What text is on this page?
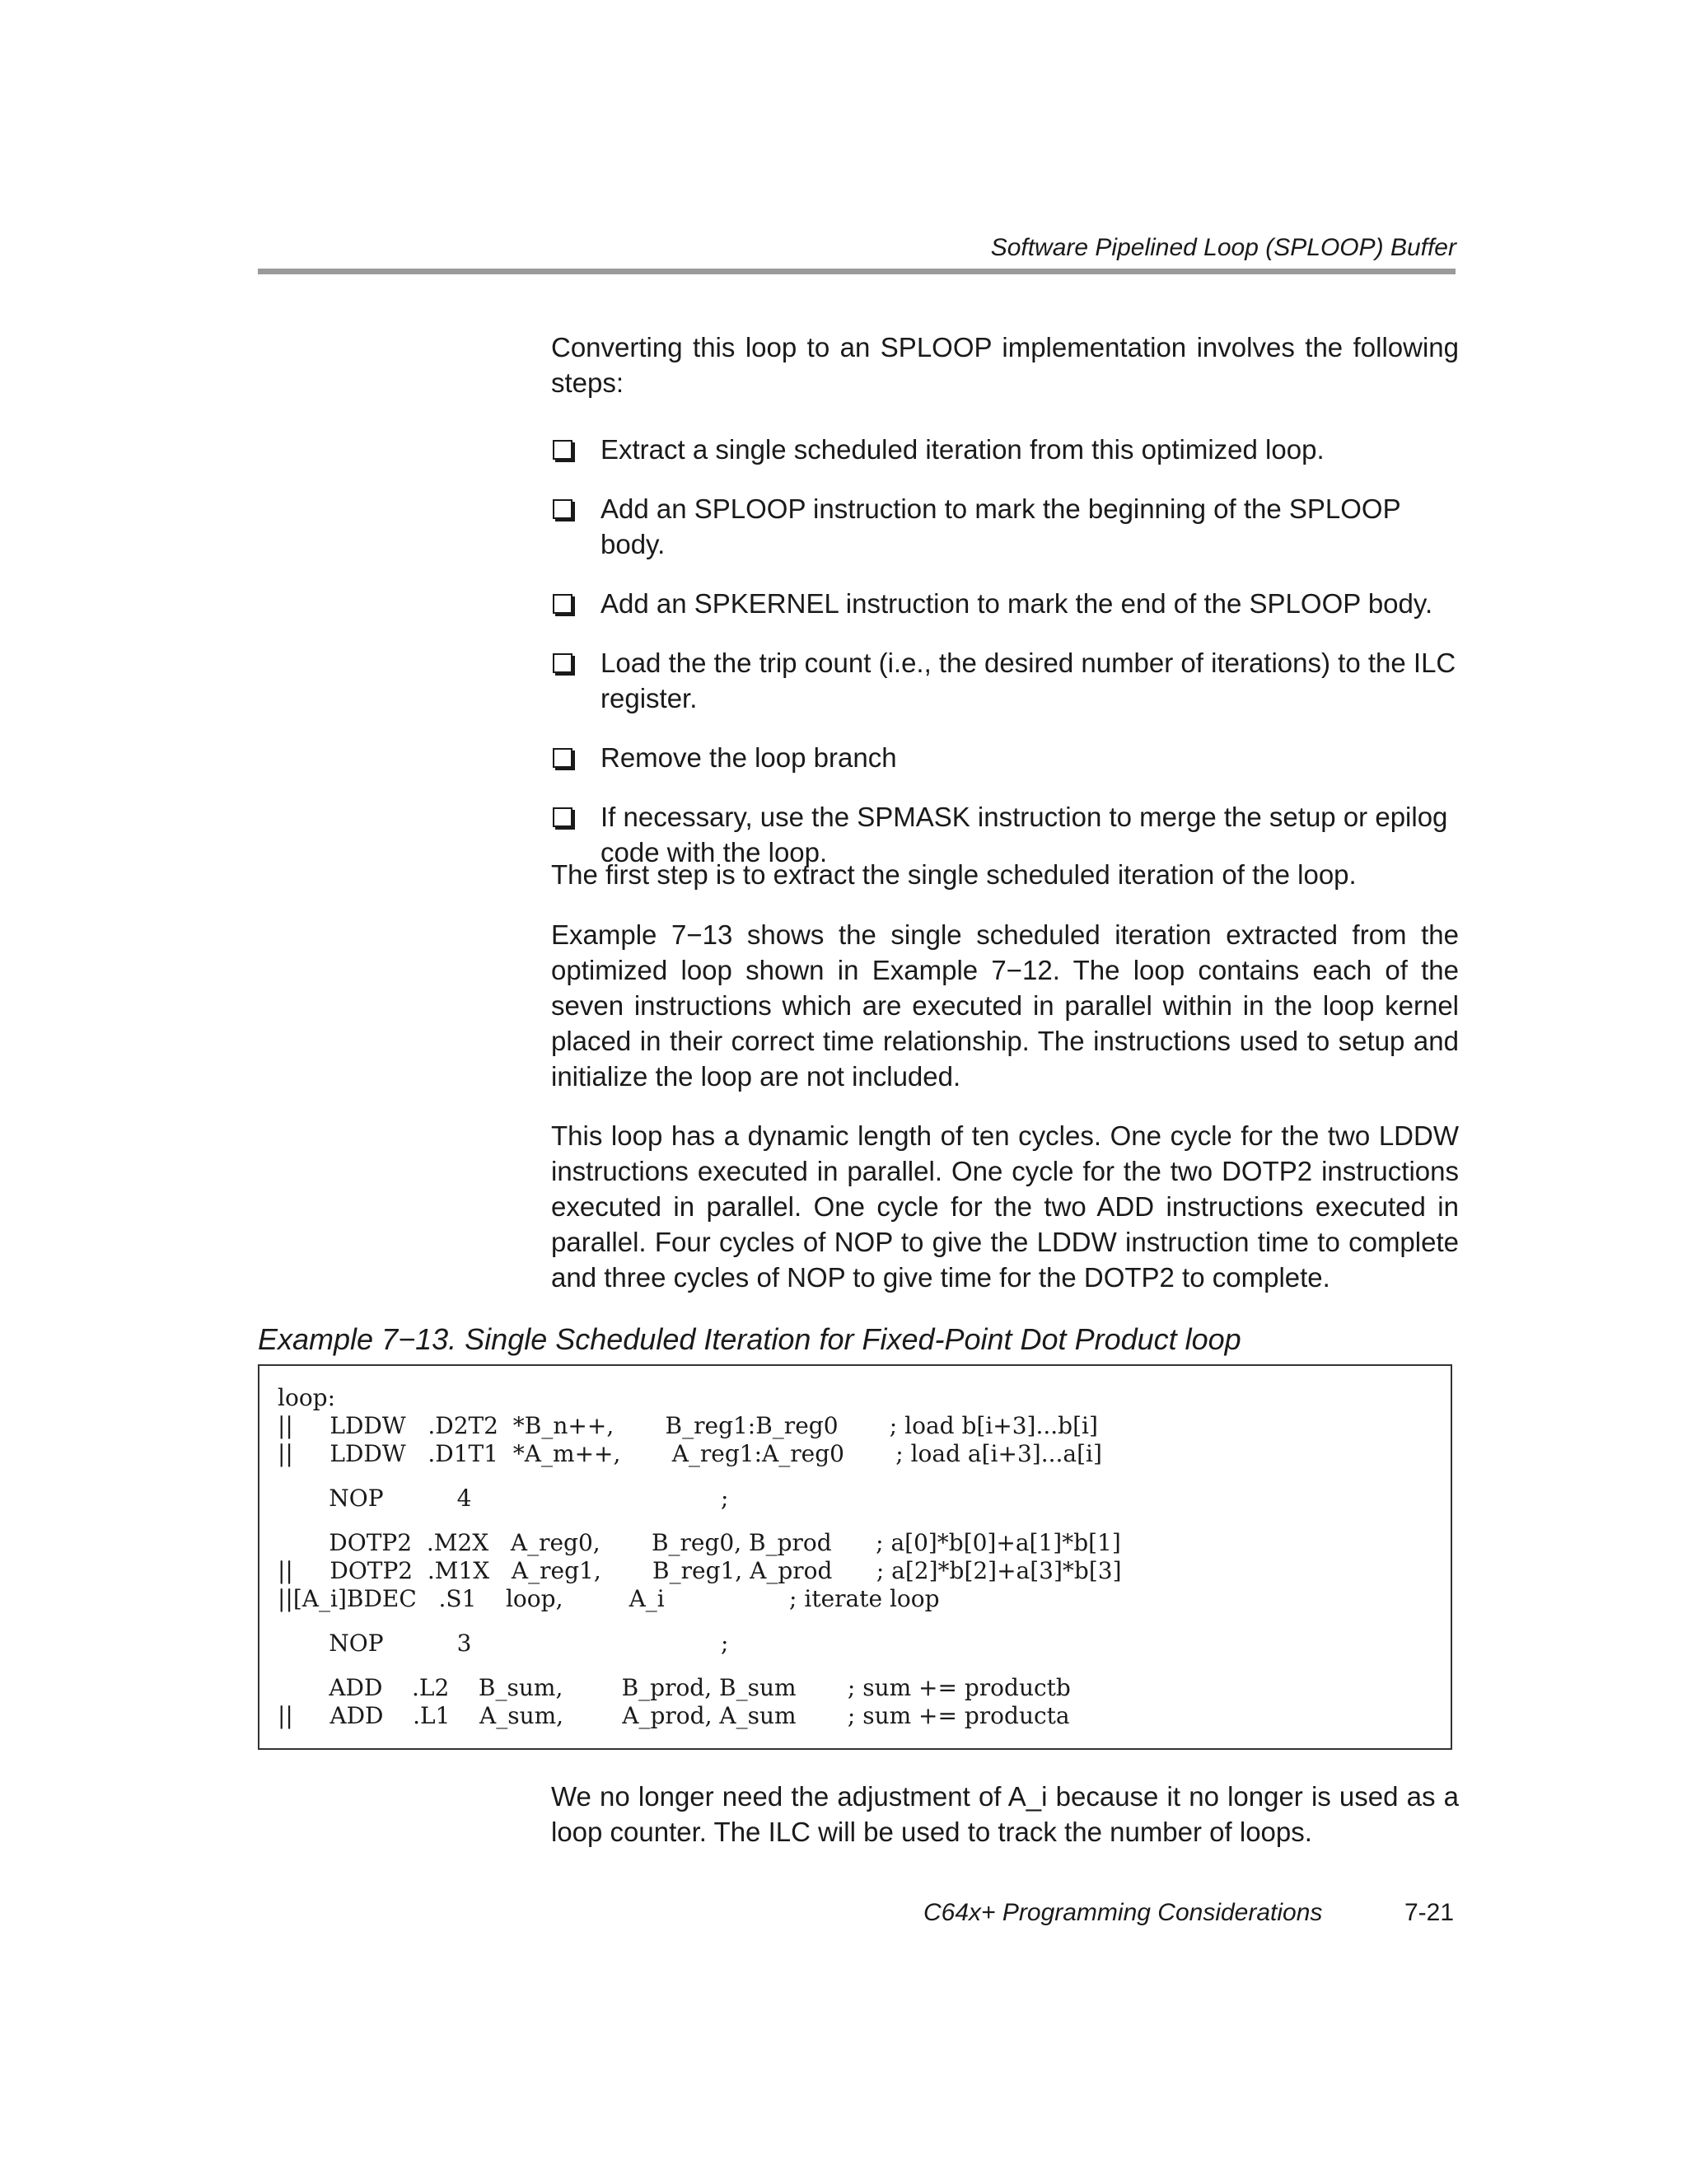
Software Pipelined Loop (SPLOOP) Buffer

Converting this loop to an SPLOOP implementation involves the following steps:

Extract a single scheduled iteration from this optimized loop.
Add an SPLOOP instruction to mark the beginning of the SPLOOP body.
Add an SPKERNEL instruction to mark the end of the SPLOOP body.
Load the the trip count (i.e., the desired number of iterations) to the ILC register.
Remove the loop branch
If necessary, use the SPMASK instruction to merge the setup or epilog code with the loop.

The first step is to extract the single scheduled iteration of the loop.

Example 7−13 shows the single scheduled iteration extracted from the optimized loop shown in Example 7−12. The loop contains each of the seven instructions which are executed in parallel within in the loop kernel placed in their correct time relationship. The instructions used to setup and initialize the loop are not included.

This loop has a dynamic length of ten cycles. One cycle for the two LDDW instructions executed in parallel. One cycle for the two DOTP2 instructions executed in parallel. One cycle for the two ADD instructions executed in parallel. Four cycles of NOP to give the LDDW instruction time to complete and three cycles of NOP to give time for the DOTP2 to complete.

Example 7−13. Single Scheduled Iteration for Fixed-Point Dot Product loop
loop:
||     LDDW   .D2T2  *B_n++,       B_reg1:B_reg0       ; load b[i+3]...b[i]
||     LDDW   .D1T1  *A_m++,       A_reg1:A_reg0       ; load a[i+3]...a[i]
NOP          4                                  ;
DOTP2  .M2X   A_reg0,       B_reg0, B_prod      ; a[0]*b[0]+a[1]*b[1]
||     DOTP2  .M1X   A_reg1,       B_reg1, A_prod      ; a[2]*b[2]+a[3]*b[3]
||[A_i]BDEC   .S1    loop,         A_i                 ; iterate loop
NOP          3                                  ;
ADD    .L2    B_sum,        B_prod, B_sum       ; sum += productb
||     ADD    .L1    A_sum,        A_prod, A_sum       ; sum += producta

We no longer need the adjustment of A_i because it no longer is used as a loop counter. The ILC will be used to track the number of loops.

C64x+ Programming Considerations	7-21
